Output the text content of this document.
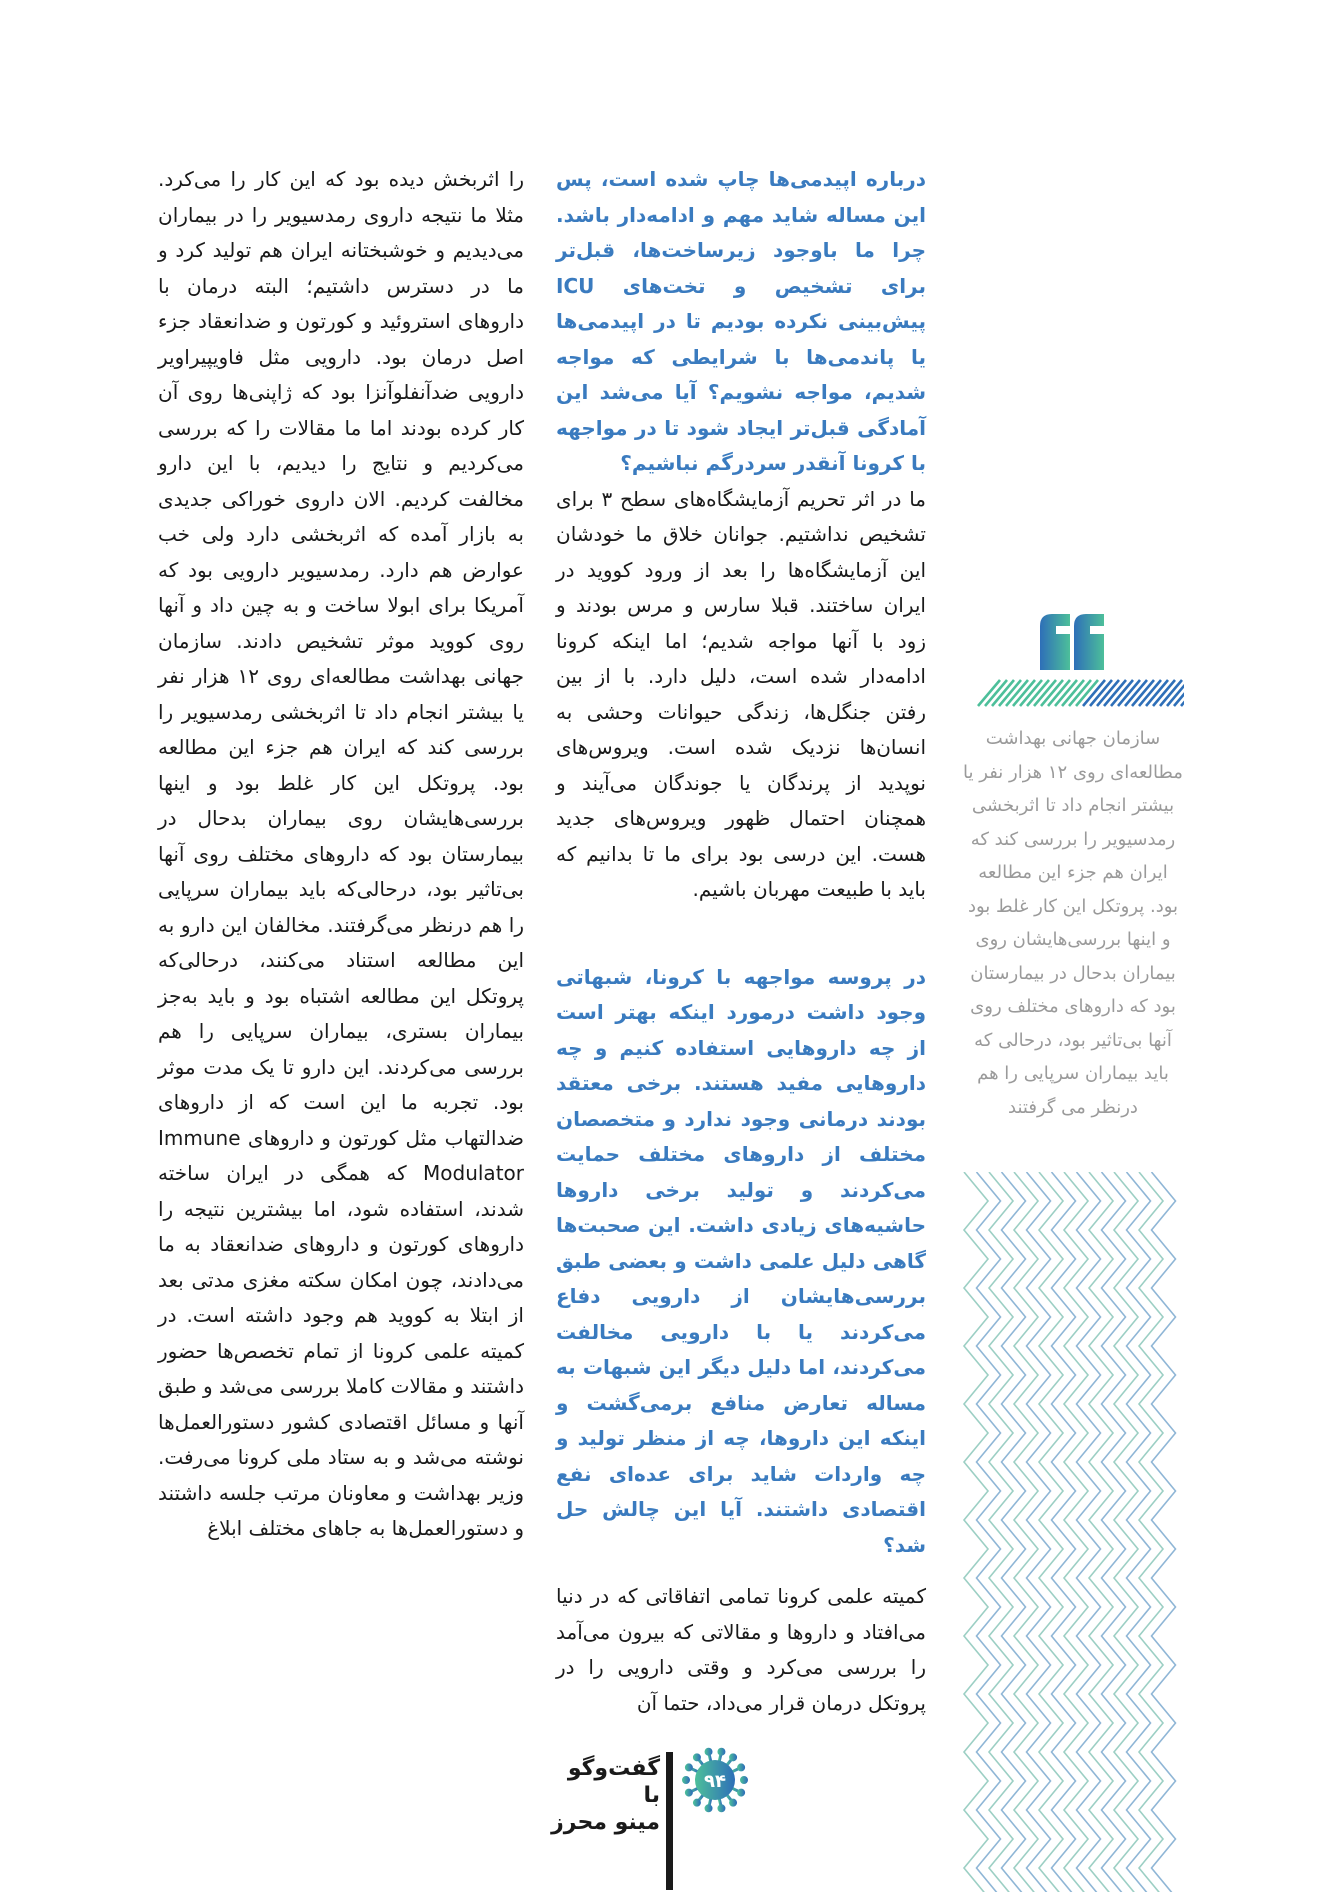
را اثربخش دیده بود که این کار را می‌کرد. مثلا ما نتیجه داروی رمدسیویر را در بیماران می‌دیدیم و خوشبختانه ایران هم تولید کرد و ما در دسترس داشتیم؛ البته درمان با داروهای استروئید و کورتون و ضدانعقاد جزء اصل درمان بود. دارویی مثل فاویپیراویر دارویی ضدآنفلوآنزا بود که ژاپنی‌ها روی آن کار کرده بودند اما ما مقالات را که بررسی می‌کردیم و نتایج را دیدیم، با این دارو مخالفت کردیم. الان داروی خوراکی جدیدی به بازار آمده که اثربخشی دارد ولی خب عوارض هم دارد. رمدسیویر دارویی بود که آمریکا برای ابولا ساخت و به چین داد و آنها روی کووید موثر تشخیص دادند. سازمان جهانی بهداشت مطالعه‌ای روی ۱۲ هزار نفر یا بیشتر انجام داد تا اثربخشی رمدسیویر را بررسی کند که ایران هم جزء این مطالعه بود. پروتکل این کار غلط بود و اینها بررسی‌هایشان روی بیماران بدحال در بیمارستان بود که داروهای مختلف روی آنها بی‌تاثیر بود، درحالی‌که باید بیماران سرپایی را هم درنظر می‌گرفتند. مخالفان این دارو به این مطالعه استناد می‌کنند، درحالی‌که پروتکل این مطالعه اشتباه بود و باید به‌جز بیماران بستری، بیماران سرپایی را هم بررسی می‌کردند. این دارو تا یک مدت موثر بود. تجربه ما این است که از داروهای ضدالتهاب مثل کورتون و داروهای Immune Modulator که همگی در ایران ساخته شدند، استفاده شود، اما بیشترین نتیجه را داروهای کورتون و داروهای ضدانعقاد به ما می‌دادند، چون امکان سکته مغزی مدتی بعد از ابتلا به کووید هم وجود داشته است. در کمیته علمی کرونا از تمام تخصص‌ها حضور داشتند و مقالات کاملا بررسی می‌شد و طبق آنها و مسائل اقتصادی کشور دستورالعمل‌ها نوشته می‌شد و به ستاد ملی کرونا می‌رفت. وزیر بهداشت و معاونان مرتب جلسه داشتند و دستورالعمل‌ها به جاهای مختلف ابلاغ

درباره اپیدمی‌ها چاپ شده است، پس این مساله شاید مهم و ادامه‌دار باشد. چرا ما باوجود زیرساخت‌ها، قبل‌تر برای تشخیص و تخت‌های ICU پیش‌بینی نکرده بودیم تا در اپیدمی‌ها یا پاندمی‌ها با شرایطی که مواجه شدیم، مواجه نشویم؟ آیا می‌شد این آمادگی قبل‌تر ایجاد شود تا در مواجهه با کرونا آنقدر سردرگم نباشیم؟

ما در اثر تحریم آزمایشگاه‌های سطح ۳ برای تشخیص نداشتیم. جوانان خلاق ما خودشان این آزمایشگاه‌ها را بعد از ورود کووید در ایران ساختند. قبلا سارس و مرس بودند و زود با آنها مواجه شدیم؛ اما اینکه کرونا ادامه‌دار شده است، دلیل دارد. با از بین رفتن جنگل‌ها، زندگی حیوانات وحشی به انسان‌ها نزدیک شده است. ویروس‌های نوپدید از پرندگان یا جوندگان می‌آیند و همچنان احتمال ظهور ویروس‌های جدید هست. این درسی بود برای ما تا بدانیم که باید با طبیعت مهربان باشیم.

در پروسه مواجهه با کرونا، شبهاتی وجود داشت درمورد اینکه بهتر است از چه داروهایی استفاده کنیم و چه داروهایی مفید هستند. برخی معتقد بودند درمانی وجود ندارد و متخصصان مختلف از داروهای مختلف حمایت می‌کردند و تولید برخی داروها حاشیه‌های زیادی داشت. این صحبت‌ها گاهی دلیل علمی داشت و بعضی طبق بررسی‌هایشان از دارویی دفاع می‌کردند یا با دارویی مخالفت می‌کردند، اما دلیل دیگر این شبهات به مساله تعارض منافع برمی‌گشت و اینکه این داروها، چه از منظر تولید و چه واردات شاید برای عده‌ای نفع اقتصادی داشتند. آیا این چالش حل شد؟

کمیته علمی کرونا تمامی اتفاقاتی که در دنیا می‌افتاد و داروها و مقالاتی که بیرون می‌آمد را بررسی می‌کرد و وقتی دارویی را در پروتکل درمان قرار می‌داد، حتما آن

سازمان جهانی بهداشت مطالعه‌ای روی ۱۲ هزار نفر یا بیشتر انجام داد تا اثربخشی رمدسیویر را بررسی کند که ایران هم جزء این مطالعه بود. پروتکل این کار غلط بود و اینها بررسی‌هایشان روی بیماران بدحال در بیمارستان بود که داروهای مختلف روی آنها بی‌تاثیر بود، درحالی که باید بیماران سرپایی را هم درنظر می گرفتند
۹۴
گفت‌وگو با
مینو محرز
